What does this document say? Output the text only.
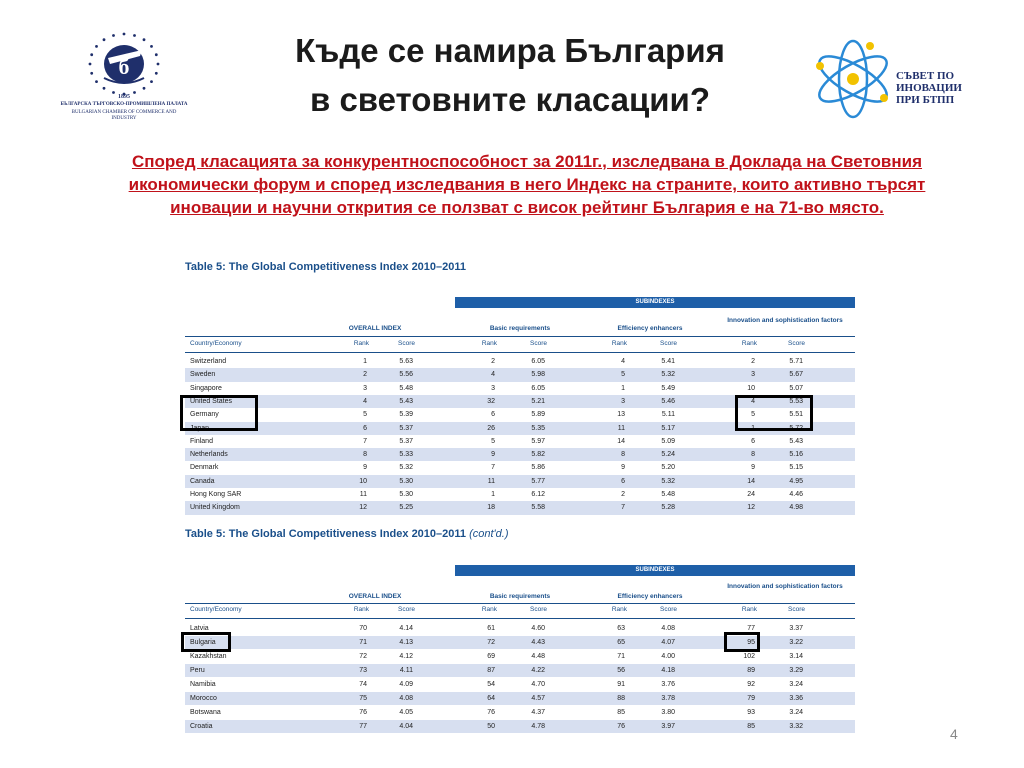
б
1895
БЪЛГАРСКА ТЪРГОВСКО-ПРОМИШЛЕНА ПАЛАТА
BULGARIAN CHAMBER OF COMMERCE AND INDUSTRY
Къде се намира България
в световните класации?
СЪВЕТ ПО
ИНОВАЦИИ
ПРИ БТПП
Според класацията за конкурентноспособност за 2011г., изследвана в Доклада на Световния икономически форум и според изследвания в него Индекс на страните, които активно търсят иновации и научни открития се ползват с висок рейтинг България е на 71-во място.
Table 5: The Global Competitiveness Index 2010–2011
SUBINDEXES
OVERALL INDEX	Basic requirements	Efficiency enhancers
Innovation and sophistication factors
Country/Economy	Rank	Score	Rank	Score	Rank	Score	Rank	Score
Switzerland	1	5.63	2	6.05	4	5.41	2	5.71
Sweden	2	5.56	4	5.98	5	5.32	3	5.67
Singapore	3	5.48	3	6.05	1	5.49	10	5.07
United States	4	5.43	32	5.21	3	5.46	4	5.53
Germany	5	5.39	6	5.89	13	5.11	5	5.51
Japan	6	5.37	26	5.35	11	5.17	1	5.72
Finland	7	5.37	5	5.97	14	5.09	6	5.43
Netherlands	8	5.33	9	5.82	8	5.24	8	5.16
Denmark	9	5.32	7	5.86	9	5.20	9	5.15
Canada	10	5.30	11	5.77	6	5.32	14	4.95
Hong Kong SAR	11	5.30	1	6.12	2	5.48	24	4.46
United Kingdom	12	5.25	18	5.58	7	5.28	12	4.98
Table 5: The Global Competitiveness Index 2010–2011 (cont'd.)
SUBINDEXES
OVERALL INDEX	Basic requirements	Efficiency enhancers
Innovation and sophistication factors
Country/Economy	Rank	Score	Rank	Score	Rank	Score	Rank	Score
Latvia	70	4.14	61	4.60	63	4.08	77	3.37
Bulgaria	71	4.13	72	4.43	65	4.07	95	3.22
Kazakhstan	72	4.12	69	4.48	71	4.00	102	3.14
Peru	73	4.11	87	4.22	56	4.18	89	3.29
Namibia	74	4.09	54	4.70	91	3.76	92	3.24
Morocco	75	4.08	64	4.57	88	3.78	79	3.36
Botswana	76	4.05	76	4.37	85	3.80	93	3.24
Croatia	77	4.04	50	4.78	76	3.97	85	3.32	4
